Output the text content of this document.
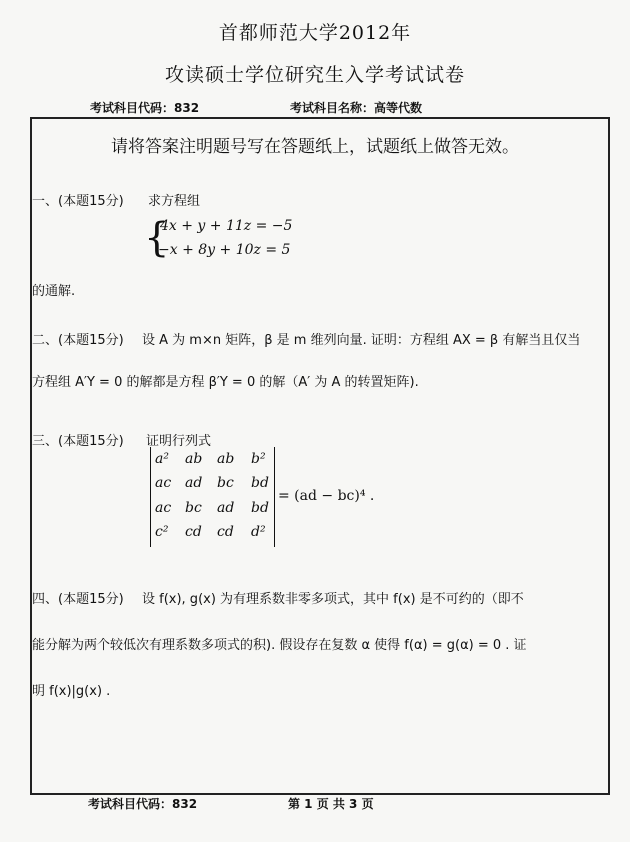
首都师范大学2012年
攻读硕士学位研究生入学考试试卷
考试科目代码：832	考试科目名称：高等代数
请将答案注明题号写在答题纸上，试题纸上做答无效。
一、(本题15分) 求方程组
{
4x + y + 11z = −5
−x + 8y + 10z = 5
的通解.
二、(本题15分) 设 A 为 m×n 矩阵，β 是 m 维列向量. 证明：方程组 AX = β 有解当且仅当
方程组 A′Y = 0 的解都是方程 β′Y = 0 的解（A′ 为 A 的转置矩阵).
三、(本题15分) 证明行列式
a²	ab	ab	b²
ac ad	bc	bd
ac bc	ad	bd
c²	cd	cd	d²
= (ad − bc)⁴ .
四、(本题15分) 设 f(x), g(x) 为有理系数非零多项式，其中 f(x) 是不可约的（即不
能分解为两个较低次有理系数多项式的积). 假设存在复数 α 使得 f(α) = g(α) = 0 . 证
明 f(x)|g(x) .
考试科目代码：832	第 1 页 共 3 页
